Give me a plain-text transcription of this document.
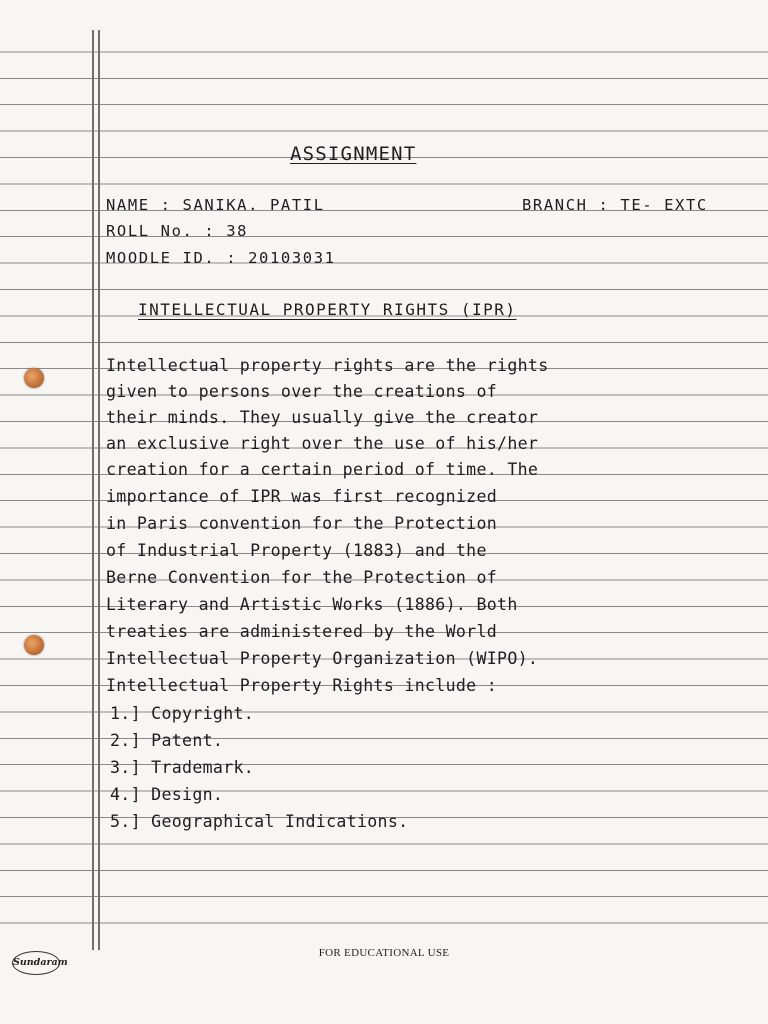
ASSIGNMENT
NAME : SANIKA. PATIL	BRANCH : TE- EXTC
ROLL No. : 38
MOODLE ID. : 20103031
INTELLECTUAL PROPERTY RIGHTS (IPR)
Intellectual property rights are the rights
given to persons over the creations of
their minds. They usually give the creator
an exclusive right over the use of his/her
creation for a certain period of time. The
importance of IPR was first recognized
in Paris convention for the Protection
of Industrial Property (1883) and the
Berne Convention for the Protection of
Literary and Artistic Works (1886). Both
treaties are administered by the World
Intellectual Property Organization (WIPO).
Intellectual Property Rights include :
1.] Copyright.
2.] Patent.
3.] Trademark.
4.] Design.
5.] Geographical Indications.
Sundaram
FOR EDUCATIONAL USE
